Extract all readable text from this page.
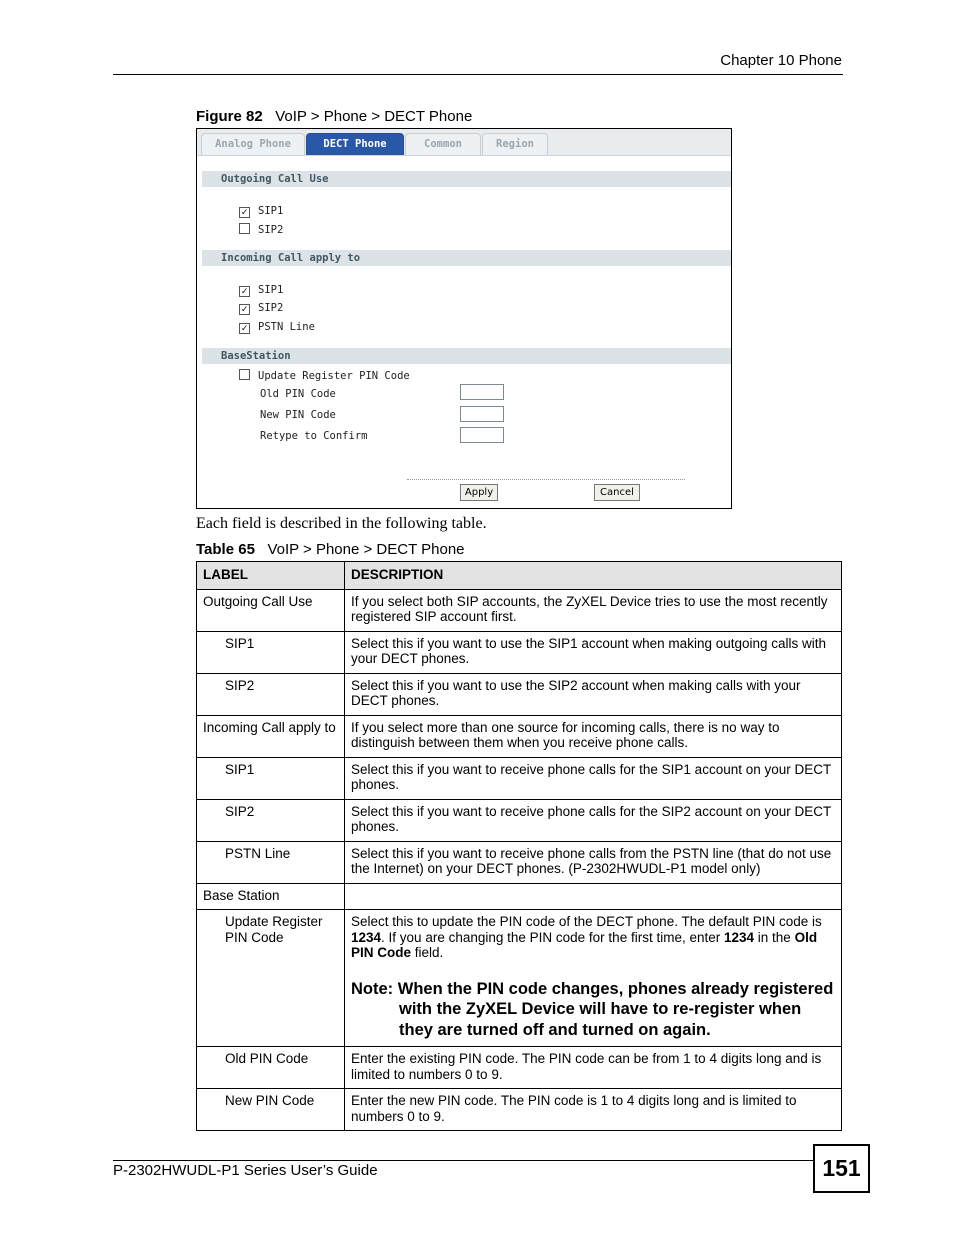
Chapter 10 Phone
Figure 82 VoIP > Phone > DECT Phone
Analog Phone	DECT Phone	Common	Region
Outgoing Call Use
✓ SIP1
SIP2
Incoming Call apply to
✓ SIP1
✓ SIP2
✓ PSTN Line
BaseStation
Update Register PIN Code
Old PIN Code
New PIN Code
Retype to Confirm
Apply	Cancel
Each field is described in the following table.
Table 65 VoIP > Phone > DECT Phone
LABEL	DESCRIPTION
Outgoing Call Use	If you select both SIP accounts, the ZyXEL Device tries to use the most recently registered SIP account first.
SIP1	Select this if you want to use the SIP1 account when making outgoing calls with your DECT phones.
SIP2	Select this if you want to use the SIP2 account when making calls with your DECT phones.
Incoming Call apply to	If you select more than one source for incoming calls, there is no way to distinguish between them when you receive phone calls.
SIP1	Select this if you want to receive phone calls for the SIP1 account on your DECT phones.
SIP2	Select this if you want to receive phone calls for the SIP2 account on your DECT phones.
PSTN Line	Select this if you want to receive phone calls from the PSTN line (that do not use the Internet) on your DECT phones. (P-2302HWUDL-P1 model only)
Base Station	
Update Register PIN Code	Select this to update the PIN code of the DECT phone. The default PIN code is 1234. If you are changing the PIN code for the first time, enter 1234 in the Old PIN Code field.

Note: When the PIN code changes, phones already registered with the ZyXEL Device will have to re-register when they are turned off and turned on again.

Old PIN Code	Enter the existing PIN code. The PIN code can be from 1 to 4 digits long and is limited to numbers 0 to 9.
New PIN Code	Enter the new PIN code. The PIN code is 1 to 4 digits long and is limited to numbers 0 to 9.
P-2302HWUDL-P1 Series User’s Guide	151
